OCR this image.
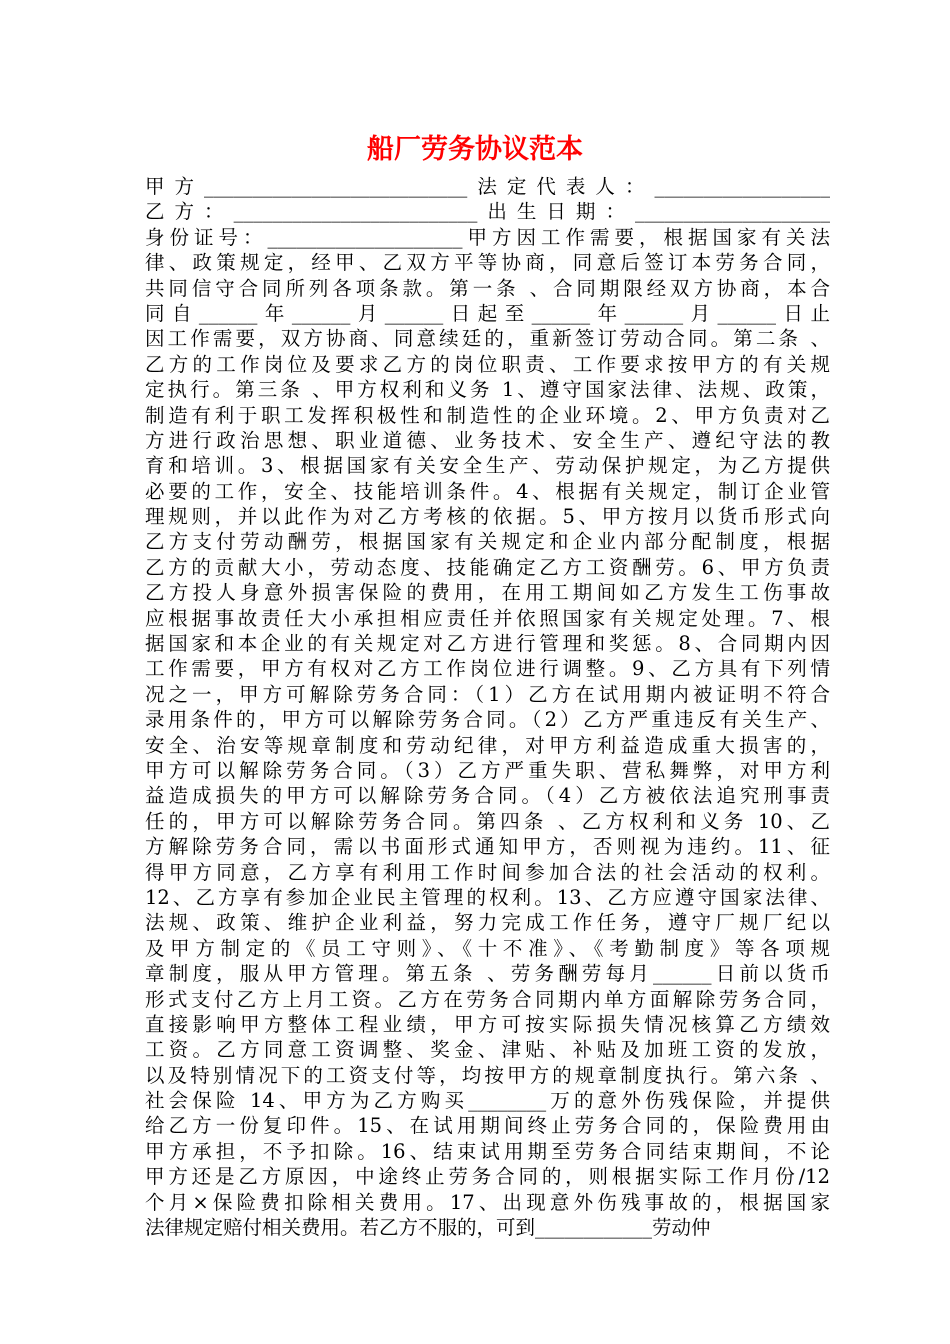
船厂劳务协议范本
甲方___________________________法定代表人：__________________
乙方：_________________________出生日期：____________________
身份证号：____________________甲方因工作需要，根据国家有关法
律、政策规定，经甲、乙双方平等协商，同意后签订本劳务合同，
共同信守合同所列各项条款。第一条 、合同期限经双方协商，本合
同自______年______月______日起至______年______月______日止
因工作需要，双方协商、同意续廷的，重新签订劳动合同。第二条 、
乙方的工作岗位及要求乙方的岗位职责、工作要求按甲方的有关规
定执行。第三条 、甲方权利和义务 1、遵守国家法律、法规、政策，
制造有利于职工发挥积极性和制造性的企业环境。2、甲方负责对乙
方进行政治思想、职业道德、业务技术、安全生产、遵纪守法的教
育和培训。3、根据国家有关安全生产、劳动保护规定，为乙方提供
必要的工作，安全、技能培训条件。4、根据有关规定，制订企业管
理规则，并以此作为对乙方考核的依据。5、甲方按月以货币形式向
乙方支付劳动酬劳，根据国家有关规定和企业内部分配制度，根据
乙方的贡献大小，劳动态度、技能确定乙方工资酬劳。6、甲方负责
乙方投人身意外损害保险的费用，在用工期间如乙方发生工伤事故
应根据事故责任大小承担相应责任并依照国家有关规定处理。7、根
据国家和本企业的有关规定对乙方进行管理和奖惩。8、合同期内因
工作需要，甲方有权对乙方工作岗位进行调整。9、乙方具有下列情
况之一，甲方可解除劳务合同：（1）乙方在试用期内被证明不符合
录用条件的，甲方可以解除劳务合同。（2）乙方严重违反有关生产、
安全、治安等规章制度和劳动纪律，对甲方利益造成重大损害的，
甲方可以解除劳务合同。（3）乙方严重失职、营私舞弊，对甲方利
益造成损失的甲方可以解除劳务合同。（4）乙方被依法追究刑事责
任的，甲方可以解除劳务合同。第四条 、乙方权利和义务 10、乙
方解除劳务合同，需以书面形式通知甲方，否则视为违约。11、征
得甲方同意，乙方享有利用工作时间参加合法的社会活动的权利。
12、乙方享有参加企业民主管理的权利。13、乙方应遵守国家法律、
法规、政策、维护企业利益，努力完成工作任务，遵守厂规厂纪以
及甲方制定的《员工守则》、《十不准》、《考勤制度》等各项规
章制度，服从甲方管理。第五条 、劳务酬劳每月______日前以货币
形式支付乙方上月工资。乙方在劳务合同期内单方面解除劳务合同，
直接影响甲方整体工程业绩，甲方可按实际损失情况核算乙方绩效
工资。乙方同意工资调整、奖金、津贴、补贴及加班工资的发放，
以及特别情况下的工资支付等，均按甲方的规章制度执行。第六条 、
社会保险 14、甲方为乙方购买________万的意外伤残保险，并提供
给乙方一份复印件。15、在试用期间终止劳务合同的，保险费用由
甲方承担，不予扣除。16、结束试用期至劳务合同结束期间，不论
甲方还是乙方原因，中途终止劳务合同的，则根据实际工作月份/12
个月×保险费扣除相关费用。17、出现意外伤残事故的，根据国家
法律规定赔付相关费用。若乙方不服的，可到____________劳动仲
